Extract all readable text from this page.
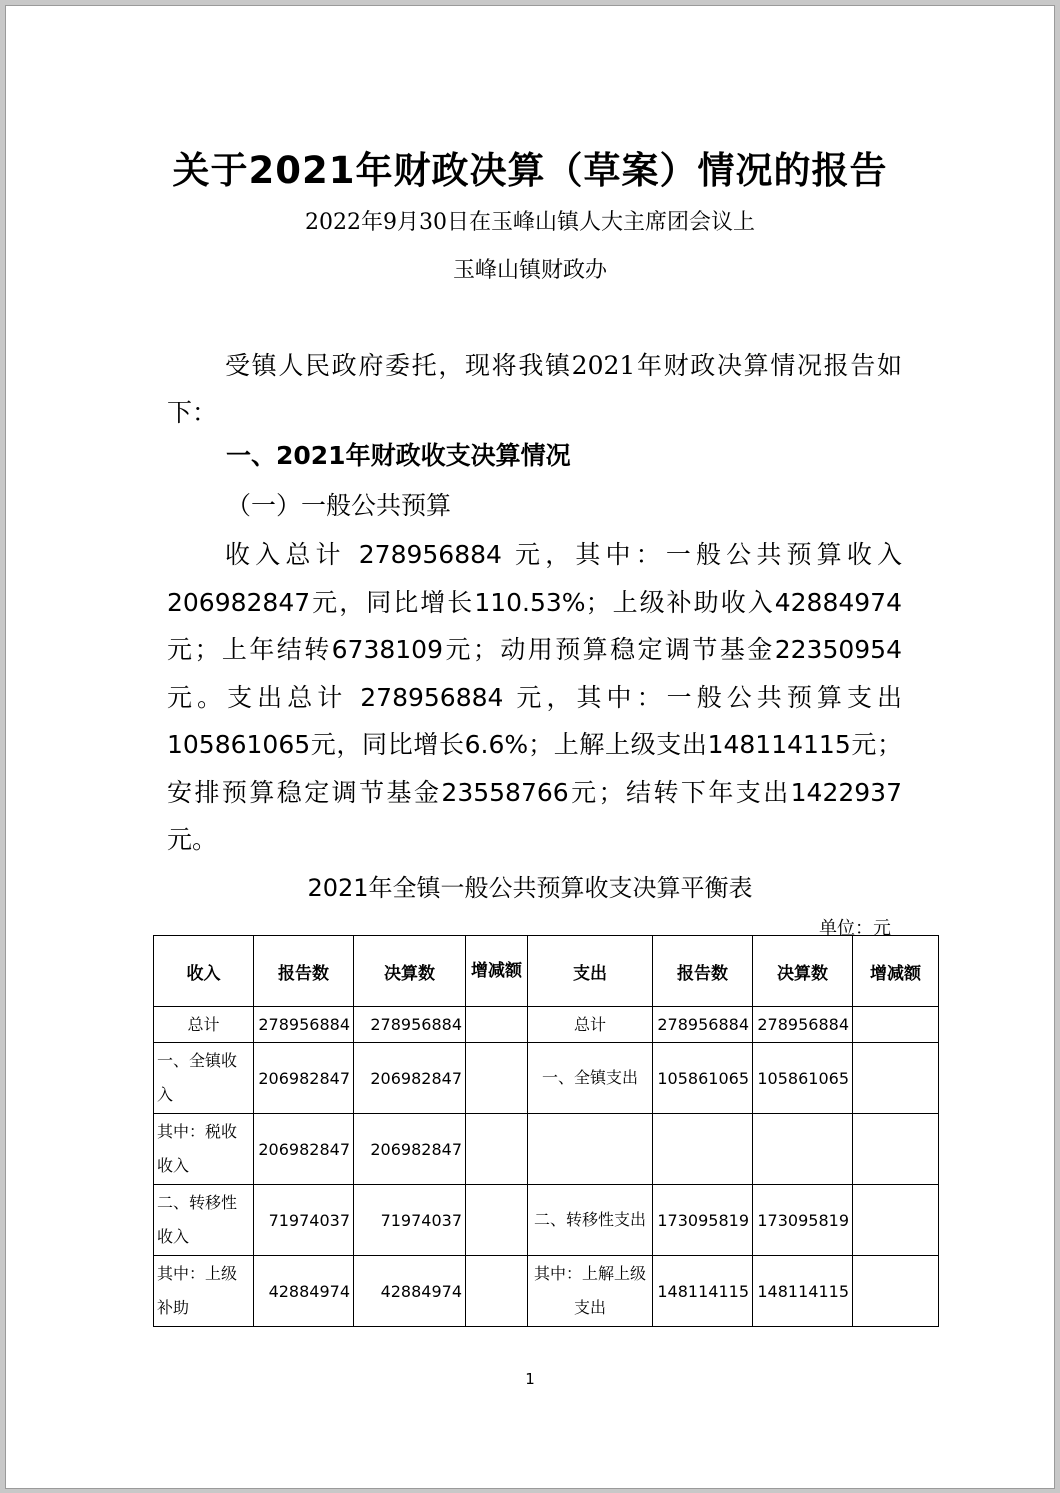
关于2021年财政决算（草案）情况的报告
2022年9月30日在玉峰山镇人大主席团会议上
玉峰山镇财政办
受镇人民政府委托，现将我镇2021年财政决算情况报告如下：
一、2021年财政收支决算情况
（一）一般公共预算
收入总计 278956884 元，其中：一般公共预算收入206982847元，同比增长110.53%；上级补助收入42884974元；上年结转6738109元；动用预算稳定调节基金22350954元。支出总计 278956884 元，其中：一般公共预算支出105861065元，同比增长6.6%；上解上级支出148114115元；安排预算稳定调节基金23558766元；结转下年支出1422937元。
2021年全镇一般公共预算收支决算平衡表
单位：元
收入	报告数	决算数	增减额	支出	报告数	决算数	增减额
总计	278956884	278956884		总计	278956884	278956884	
一、全镇收入	206982847	206982847		一、全镇支出	105861065	105861065	
其中：税收收入	206982847	206982847					
二、转移性收入	71974037	71974037		二、转移性支出	173095819	173095819	
其中：上级补助	42884974	42884974		其中：上解上级支出	148114115	148114115	
1
